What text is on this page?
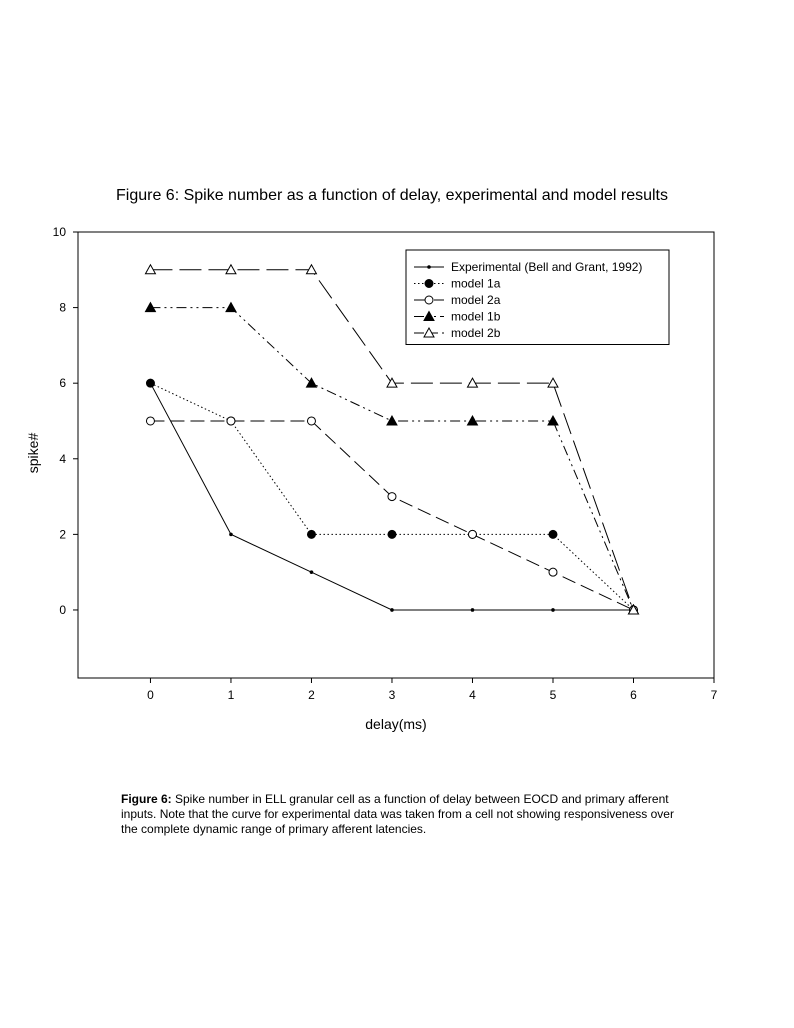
Figure 6: Spike number as a function of delay, experimental and model results
0
2
4
6
8
10
0	1	2	3	4	5	6	7
delay(ms)
spike#
Experimental (Bell and Grant, 1992)
model 1a
model 2a
model 1b
model 2b
Figure 6: Spike number in ELL granular cell as a function of delay between EOCD and primary afferent inputs. Note that the curve for experimental data was taken from a cell not showing responsiveness over the complete dynamic range of primary afferent latencies.
